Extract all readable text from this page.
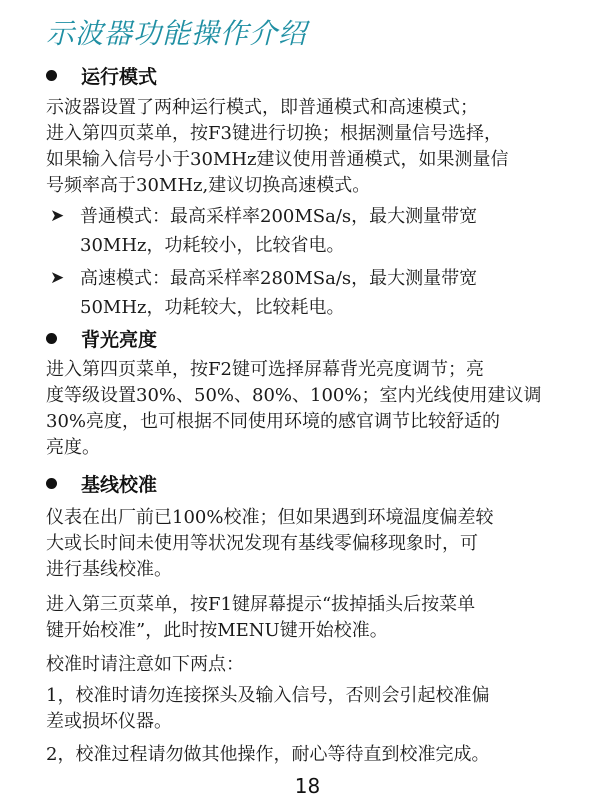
示波器功能操作介绍
运行模式
示波器设置了两种运行模式，即普通模式和高速模式；
进入第四页菜单，按F3键进行切换；根据测量信号选择，
如果输入信号小于30MHz建议使用普通模式，如果测量信
号频率高于30MHz,建议切换高速模式。
➤ 普通模式：最高采样率200MSa/s，最大测量带宽
30MHz，功耗较小，比较省电。
➤ 高速模式：最高采样率280MSa/s，最大测量带宽
50MHz，功耗较大，比较耗电。
背光亮度
进入第四页菜单，按F2键可选择屏幕背光亮度调节；亮
度等级设置30%、50%、80%、100%；室内光线使用建议调
30%亮度，也可根据不同使用环境的感官调节比较舒适的
亮度。
基线校准
仪表在出厂前已100%校准；但如果遇到环境温度偏差较
大或长时间未使用等状况发现有基线零偏移现象时，可
进行基线校准。
进入第三页菜单，按F1键屏幕提示“拔掉插头后按菜单
键开始校准”，此时按MENU键开始校准。
校准时请注意如下两点：
1，校准时请勿连接探头及输入信号，否则会引起校准偏
差或损坏仪器。
2，校准过程请勿做其他操作，耐心等待直到校准完成。
18
